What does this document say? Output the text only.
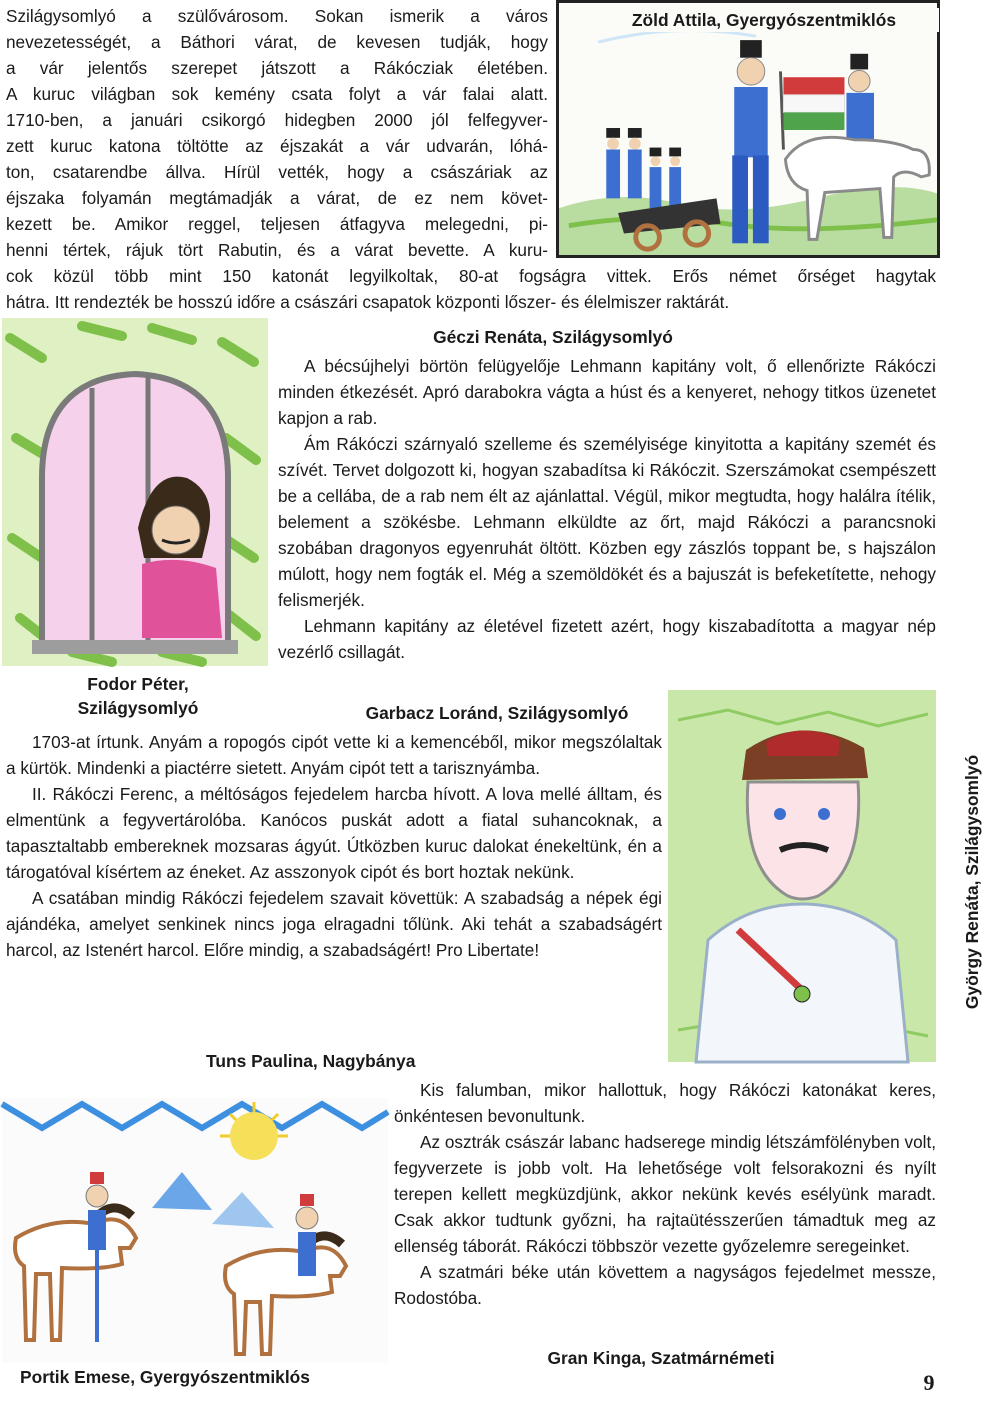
Szilágysomlyó a szülővárosom. Sokan ismerik a város

nevezetességét, a Báthori várat, de kevesen tudják, hogy

a vár jelentős szerepet játszott a Rákócziak életében.

A kuruc világban sok kemény csata folyt a vár falai alatt.

1710-ben, a januári csikorgó hidegben 2000 jól felfegyver-

zett kuruc katona töltötte az éjszakát a vár udvarán, lóhá-

ton, csatarendbe állva. Hírül vették, hogy a császáriak az

éjszaka folyamán megtámadják a várat, de ez nem követ-

kezett be. Amikor reggel, teljesen átfagyva melegedni, pi-

henni tértek, rájuk tört Rabutin, és a várat bevette. A kuru-

cok közül több mint 150 katonát legyilkoltak, 80-at fogságra vittek. Erős német őrséget hagytak

hátra. Itt rendezték be hosszú időre a császári csapatok központi lőszer- és élelmiszer raktárát.

Zöld Attila, Gyergyószentmiklós
Fodor Péter,
Szilágysomlyó
Géczi Renáta, Szilágysomlyó

A bécsújhelyi börtön felügyelője Lehmann kapitány volt, ő ellenőrizte Rákóczi minden étkezését. Apró darabokra vágta a húst és a kenyeret, nehogy titkos üzenetet kapjon a rab.

Ám Rákóczi szárnyaló szelleme és személyisége kinyitotta a kapitány szemét és szívét. Tervet dolgozott ki, hogyan szabadítsa ki Rákóczit. Szerszámokat csempészett be a cellába, de a rab nem élt az ajánlattal. Végül, mikor megtudta, hogy halálra ítélik, belement a szökésbe. Lehmann elküldte az őrt, majd Rákóczi a parancsnoki szobában dragonyos egyenruhát öltött. Közben egy zászlós toppant be, s hajszálon múlott, hogy nem fogták el. Még a szemöldökét és a bajuszát is befeketítette, nehogy felismerjék.

Lehmann kapitány az életével fizetett azért, hogy kiszabadította a magyar nép vezérlő csillagát.

György Renáta, Szilágysomlyó
Garbacz Loránd, Szilágysomlyó

1703-at írtunk. Anyám a ropogós cipót vette ki a kemencéből, mikor megszólaltak a kürtök. Mindenki a piactérre sietett. Anyám cipót tett a tarisznyámba.

II. Rákóczi Ferenc, a méltóságos fejedelem harcba hívott. A lova mellé álltam, és elmentünk a fegyvertárolóba. Kanócos puskát adott a fiatal suhancoknak, a tapasztaltabb embereknek mozsaras ágyút. Útközben kuruc dalokat énekeltünk, én a tárogatóval kísértem az éneket. Az asszonyok cipót és bort hoztak nekünk.

A csatában mindig Rákóczi fejedelem szavait követtük: A szabadság a népek égi ajándéka, amelyet senkinek nincs joga elragadni tőlünk. Aki tehát a szabadságért harcol, az Istenért harcol. Előre mindig, a szabadságért! Pro Libertate!

Tuns Paulina, Nagybánya
Portik Emese, Gyergyószentmiklós

Kis falumban, mikor hallottuk, hogy Rákóczi katonákat keres, önkéntesen bevonultunk.

Az osztrák császár labanc hadserege mindig létszámfölényben volt, fegyverzete is jobb volt. Ha lehetősége volt felsorakozni és nyílt terepen kellett megküzdjünk, akkor nekünk kevés esélyünk maradt. Csak akkor tudtunk győzni, ha rajtaütésszerűen támadtuk meg az ellenség táborát. Rákóczi többször vezette győzelemre seregeinket.

A szatmári béke után követtem a nagyságos fejedelmet messze, Rodostóba.

Gran Kinga, Szatmárnémeti
9
